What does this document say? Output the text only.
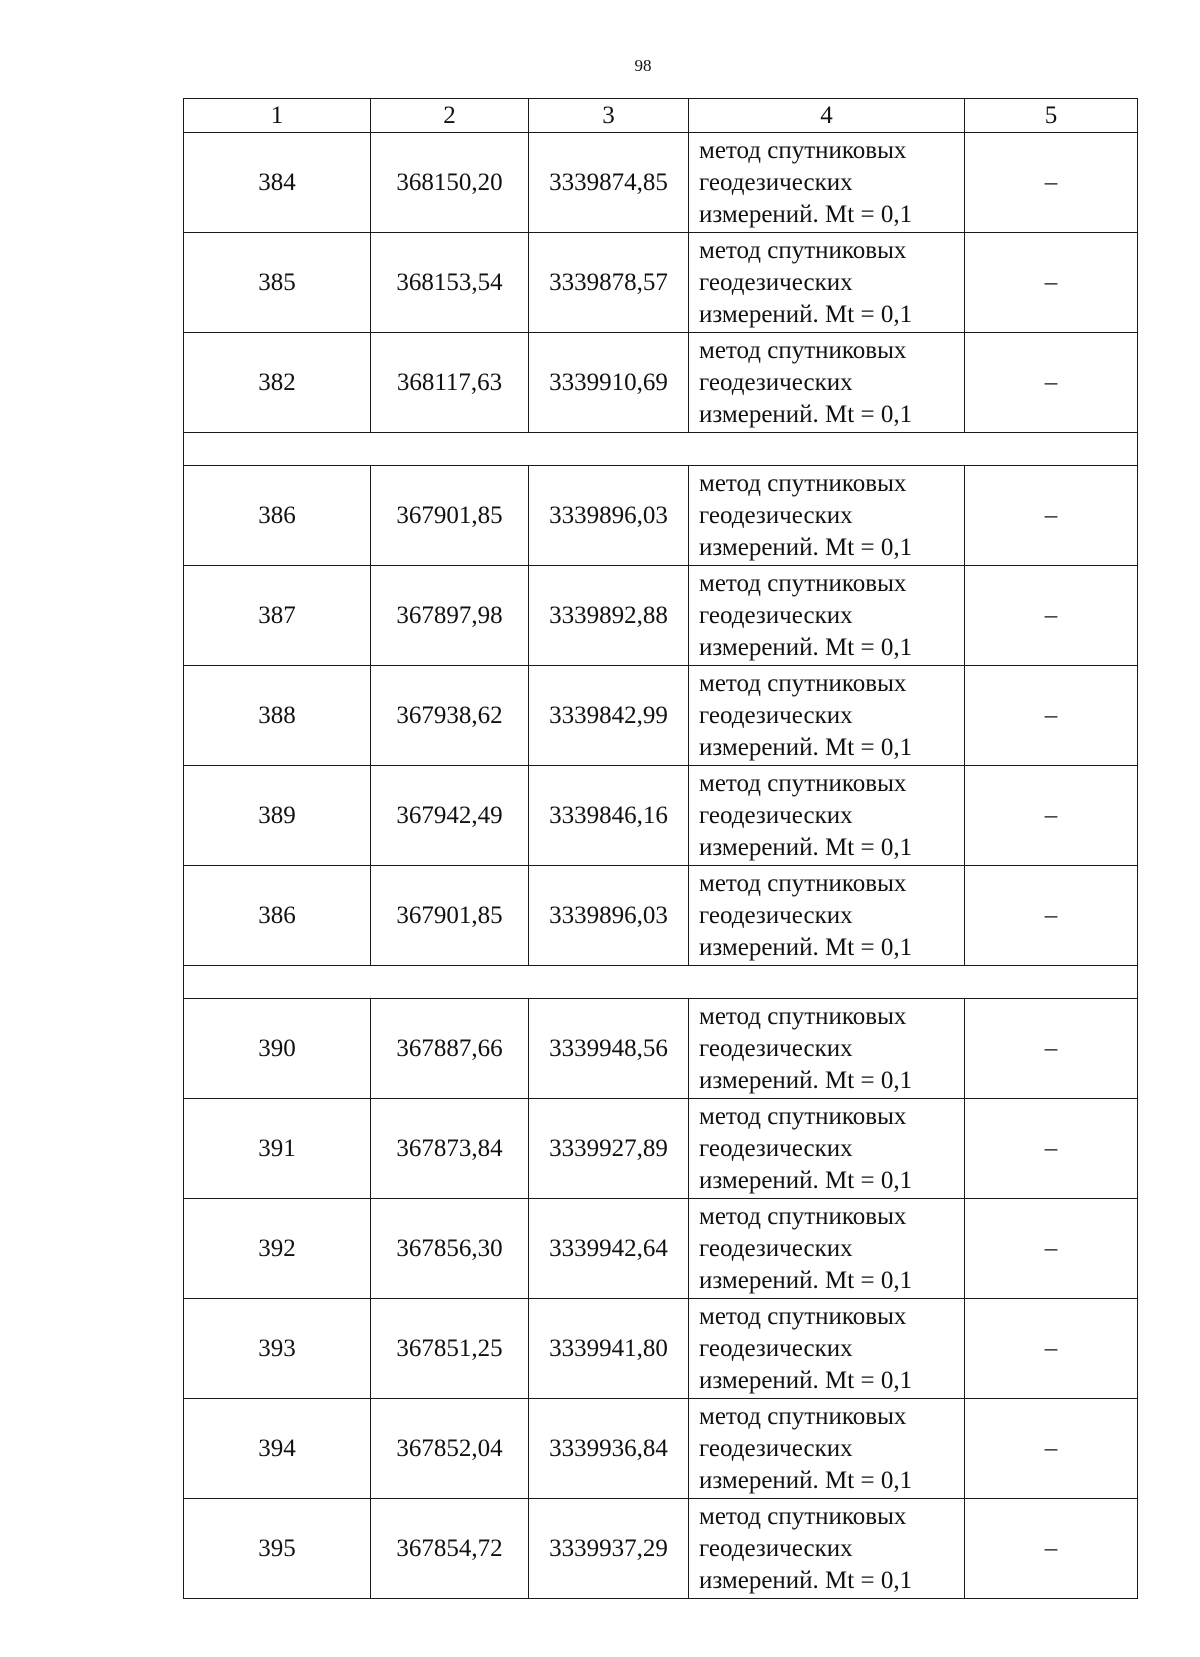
98
1	2	3	4	5
384	368150,20	3339874,85	метод спутниковых
геодезических
измерений. Mt = 0,1	–
385	368153,54	3339878,57	метод спутниковых
геодезических
измерений. Mt = 0,1	–
382	368117,63	3339910,69	метод спутниковых
геодезических
измерений. Mt = 0,1	–

386	367901,85	3339896,03	метод спутниковых
геодезических
измерений. Mt = 0,1	–
387	367897,98	3339892,88	метод спутниковых
геодезических
измерений. Mt = 0,1	–
388	367938,62	3339842,99	метод спутниковых
геодезических
измерений. Mt = 0,1	–
389	367942,49	3339846,16	метод спутниковых
геодезических
измерений. Mt = 0,1	–
386	367901,85	3339896,03	метод спутниковых
геодезических
измерений. Mt = 0,1	–

390	367887,66	3339948,56	метод спутниковых
геодезических
измерений. Mt = 0,1	–
391	367873,84	3339927,89	метод спутниковых
геодезических
измерений. Mt = 0,1	–
392	367856,30	3339942,64	метод спутниковых
геодезических
измерений. Mt = 0,1	–
393	367851,25	3339941,80	метод спутниковых
геодезических
измерений. Mt = 0,1	–
394	367852,04	3339936,84	метод спутниковых
геодезических
измерений. Mt = 0,1	–
395	367854,72	3339937,29	метод спутниковых
геодезических
измерений. Mt = 0,1	–
